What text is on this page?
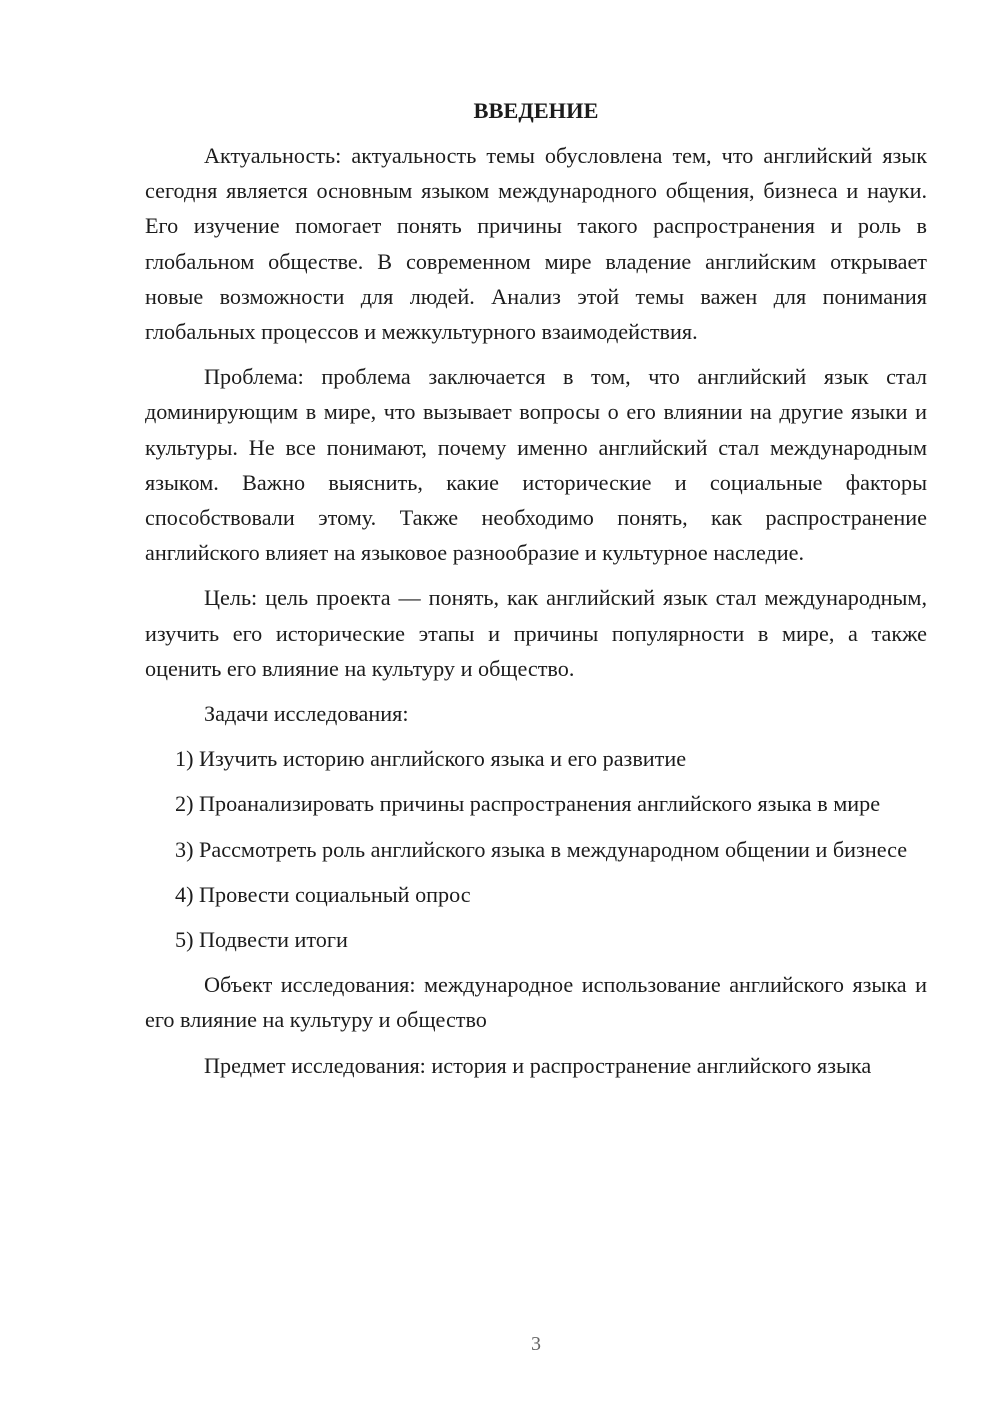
ВВЕДЕНИЕ

Актуальность: актуальность темы обусловлена тем, что английский язык сегодня является основным языком международного общения, бизнеса и науки. Его изучение помогает понять причины такого распространения и роль в глобальном обществе. В современном мире владение английским открывает новые возможности для людей. Анализ этой темы важен для понимания глобальных процессов и межкультурного взаимодействия.

Проблема: проблема заключается в том, что английский язык стал доминирующим в мире, что вызывает вопросы о его влиянии на другие языки и культуры. Не все понимают, почему именно английский стал международным языком. Важно выяснить, какие исторические и социальные факторы способствовали этому. Также необходимо понять, как распространение английского влияет на языковое разнообразие и культурное наследие.

Цель: цель проекта — понять, как английский язык стал международным, изучить его исторические этапы и причины популярности в мире, а также оценить его влияние на культуру и общество.

Задачи исследования:

1) Изучить историю английского языка и его развитие
2) Проанализировать причины распространения английского языка в мире
3) Рассмотреть роль английского языка в международном общении и бизнесе
4) Провести социальный опрос
5) Подвести итоги

Объект исследования: международное использование английского языка и его влияние на культуру и общество

Предмет исследования: история и распространение английского языка

3
